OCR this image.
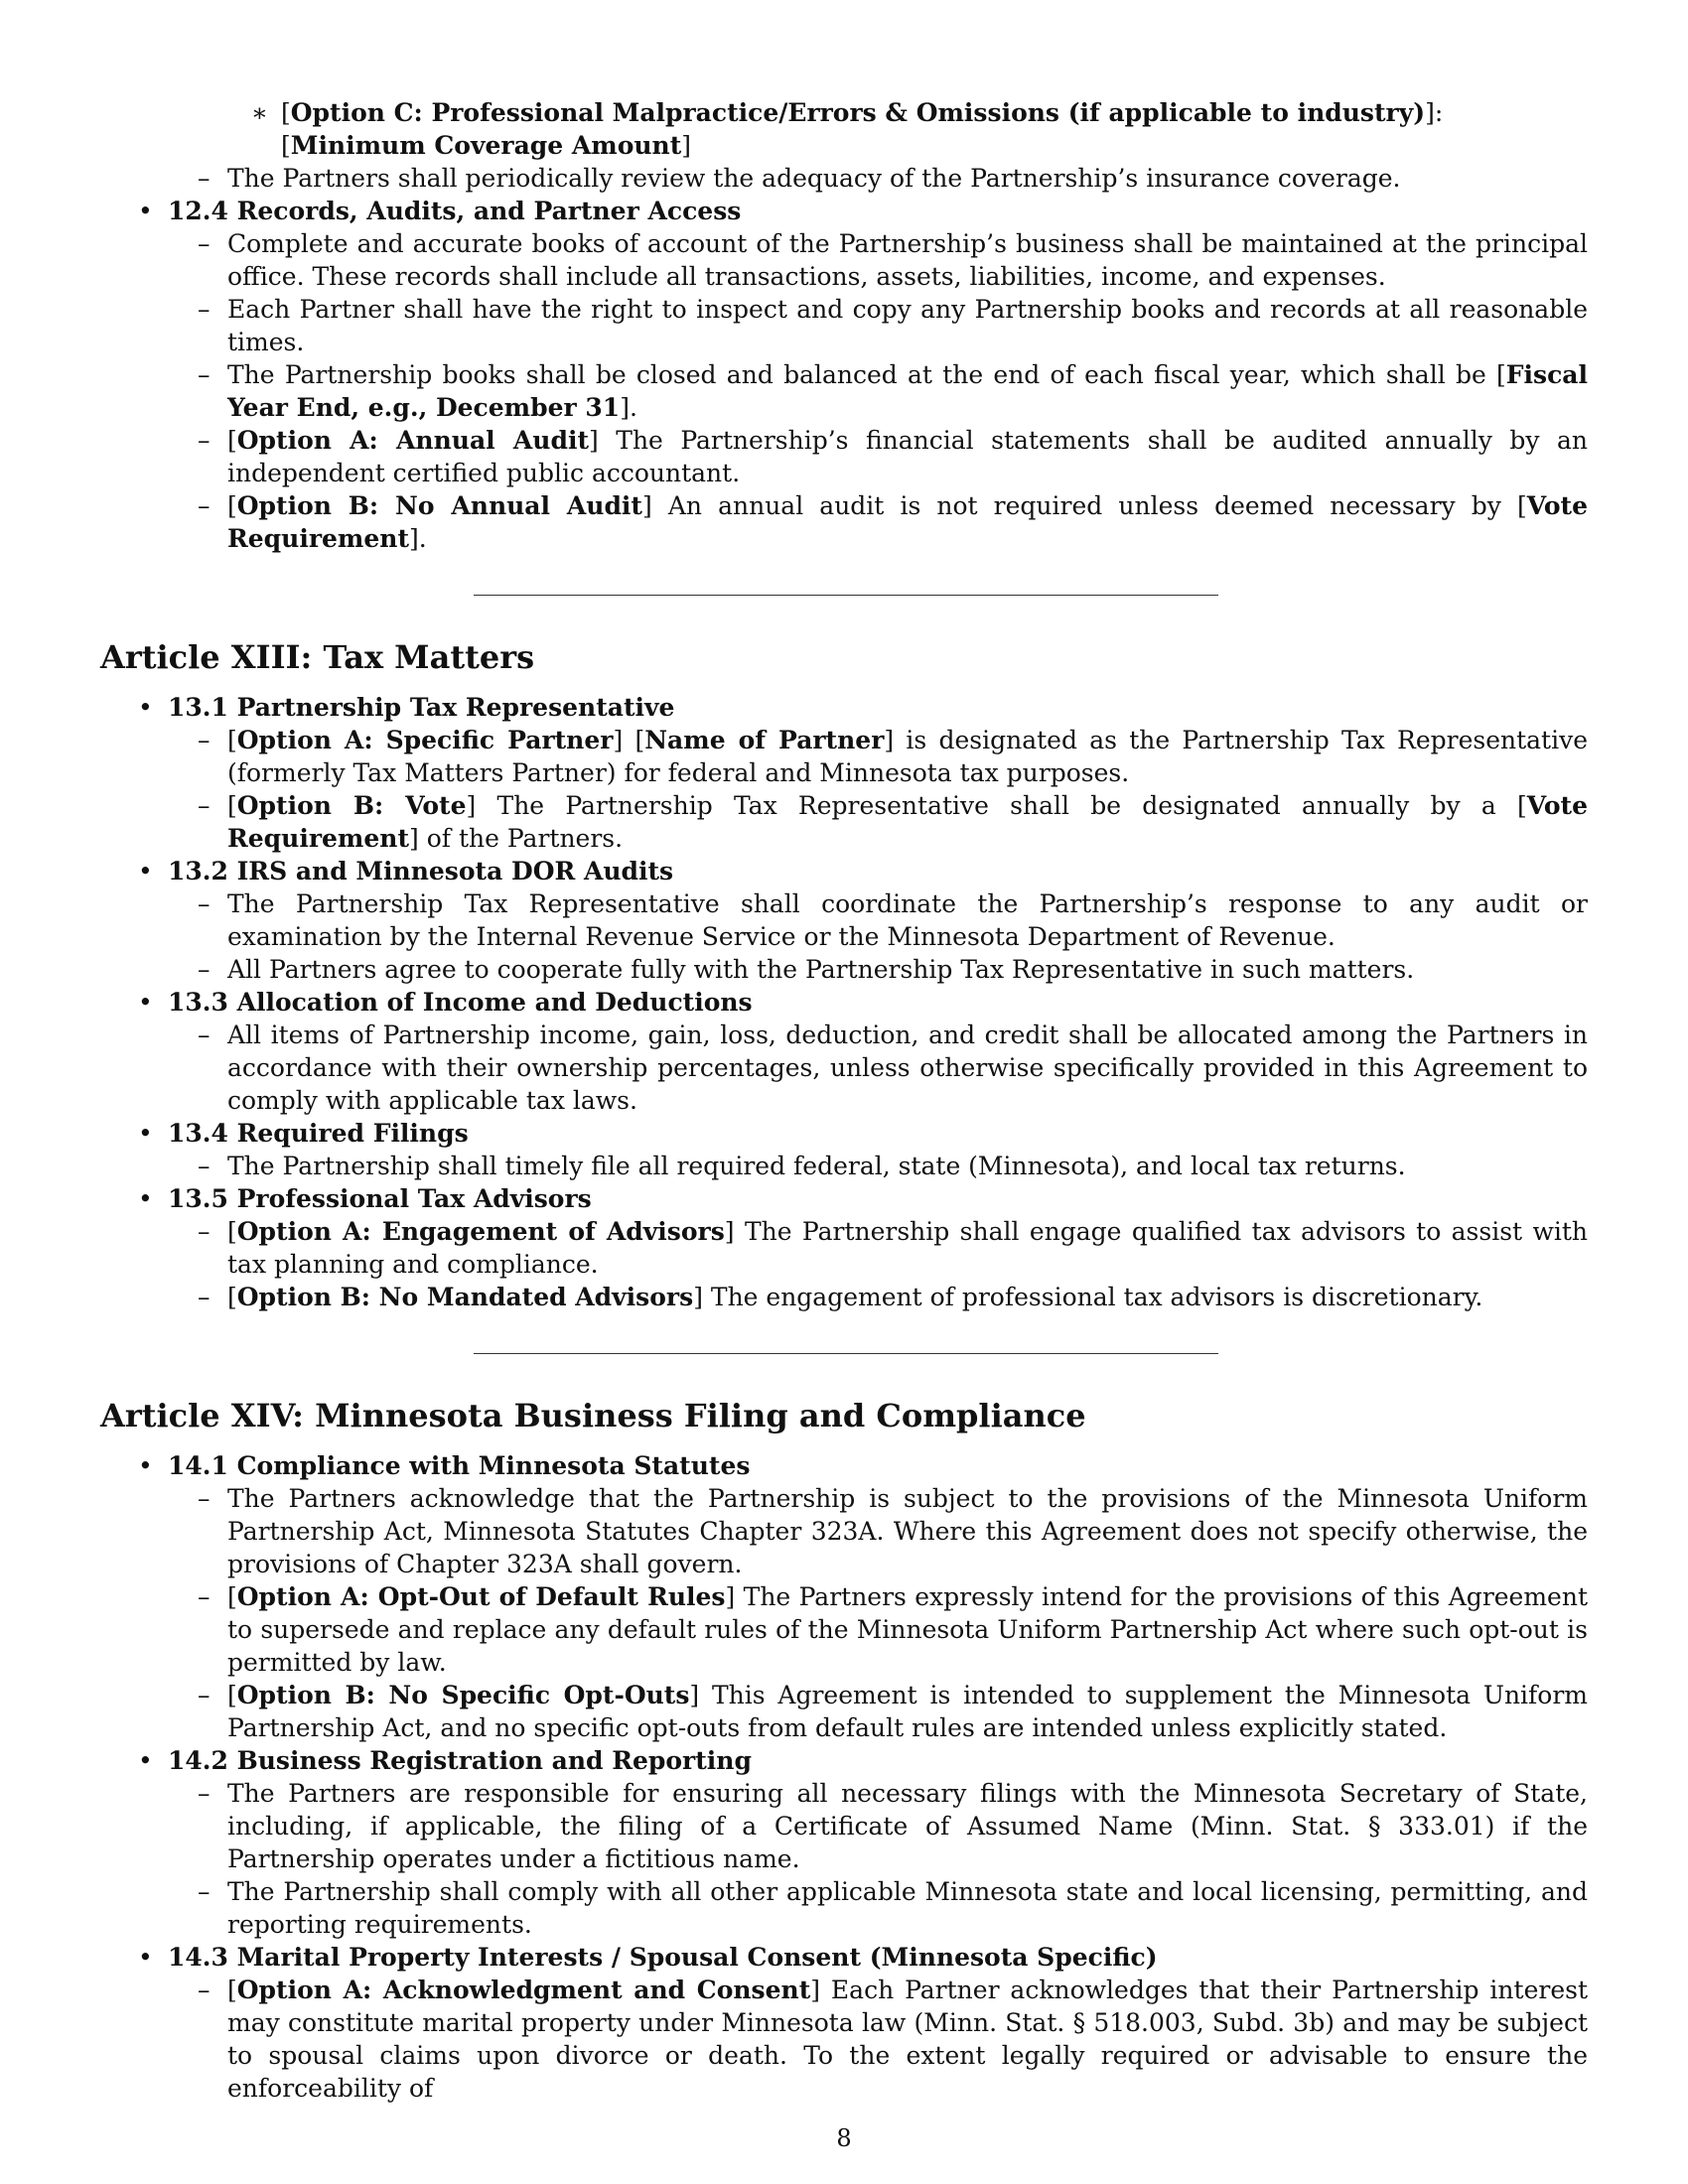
∗ [Option C: Professional Malpractice/Errors & Omissions (if applicable to industry)]: [Minimum Coverage Amount]
– The Partners shall periodically review the adequacy of the Partnership’s insurance coverage.
• 12.4 Records, Audits, and Partner Access
– Complete and accurate books of account of the Partnership’s business shall be maintained at the principal office. These records shall include all transactions, assets, liabilities, income, and expenses.
– Each Partner shall have the right to inspect and copy any Partnership books and records at all reasonable times.
– The Partnership books shall be closed and balanced at the end of each fiscal year, which shall be [Fiscal Year End, e.g., December 31].
– [Option A: Annual Audit] The Partnership’s financial statements shall be audited annually by an independent certified public accountant.
– [Option B: No Annual Audit] An annual audit is not required unless deemed necessary by [Vote Requirement].
Article XIII: Tax Matters
• 13.1 Partnership Tax Representative
– [Option A: Specific Partner] [Name of Partner] is designated as the Partnership Tax Representative (formerly Tax Matters Partner) for federal and Minnesota tax purposes.
– [Option B: Vote] The Partnership Tax Representative shall be designated annually by a [Vote Requirement] of the Partners.
• 13.2 IRS and Minnesota DOR Audits
– The Partnership Tax Representative shall coordinate the Partnership’s response to any audit or examination by the Internal Revenue Service or the Minnesota Department of Revenue.
– All Partners agree to cooperate fully with the Partnership Tax Representative in such matters.
• 13.3 Allocation of Income and Deductions
– All items of Partnership income, gain, loss, deduction, and credit shall be allocated among the Partners in accordance with their ownership percentages, unless otherwise specifically provided in this Agreement to comply with applicable tax laws.
• 13.4 Required Filings
– The Partnership shall timely file all required federal, state (Minnesota), and local tax returns.
• 13.5 Professional Tax Advisors
– [Option A: Engagement of Advisors] The Partnership shall engage qualified tax advisors to assist with tax planning and compliance.
– [Option B: No Mandated Advisors] The engagement of professional tax advisors is discretionary.
Article XIV: Minnesota Business Filing and Compliance
• 14.1 Compliance with Minnesota Statutes
– The Partners acknowledge that the Partnership is subject to the provisions of the Minnesota Uniform Partnership Act, Minnesota Statutes Chapter 323A. Where this Agreement does not specify otherwise, the provisions of Chapter 323A shall govern.
– [Option A: Opt-Out of Default Rules] The Partners expressly intend for the provisions of this Agreement to supersede and replace any default rules of the Minnesota Uniform Partnership Act where such opt-out is permitted by law.
– [Option B: No Specific Opt-Outs] This Agreement is intended to supplement the Minnesota Uniform Partnership Act, and no specific opt-outs from default rules are intended unless explicitly stated.
• 14.2 Business Registration and Reporting
– The Partners are responsible for ensuring all necessary filings with the Minnesota Secretary of State, including, if applicable, the filing of a Certificate of Assumed Name (Minn. Stat. § 333.01) if the Partnership operates under a fictitious name.
– The Partnership shall comply with all other applicable Minnesota state and local licensing, permitting, and reporting requirements.
• 14.3 Marital Property Interests / Spousal Consent (Minnesota Specific)
– [Option A: Acknowledgment and Consent] Each Partner acknowledges that their Partnership interest may constitute marital property under Minnesota law (Minn. Stat. § 518.003, Subd. 3b) and may be subject to spousal claims upon divorce or death. To the extent legally required or advisable to ensure the enforceability of
8
